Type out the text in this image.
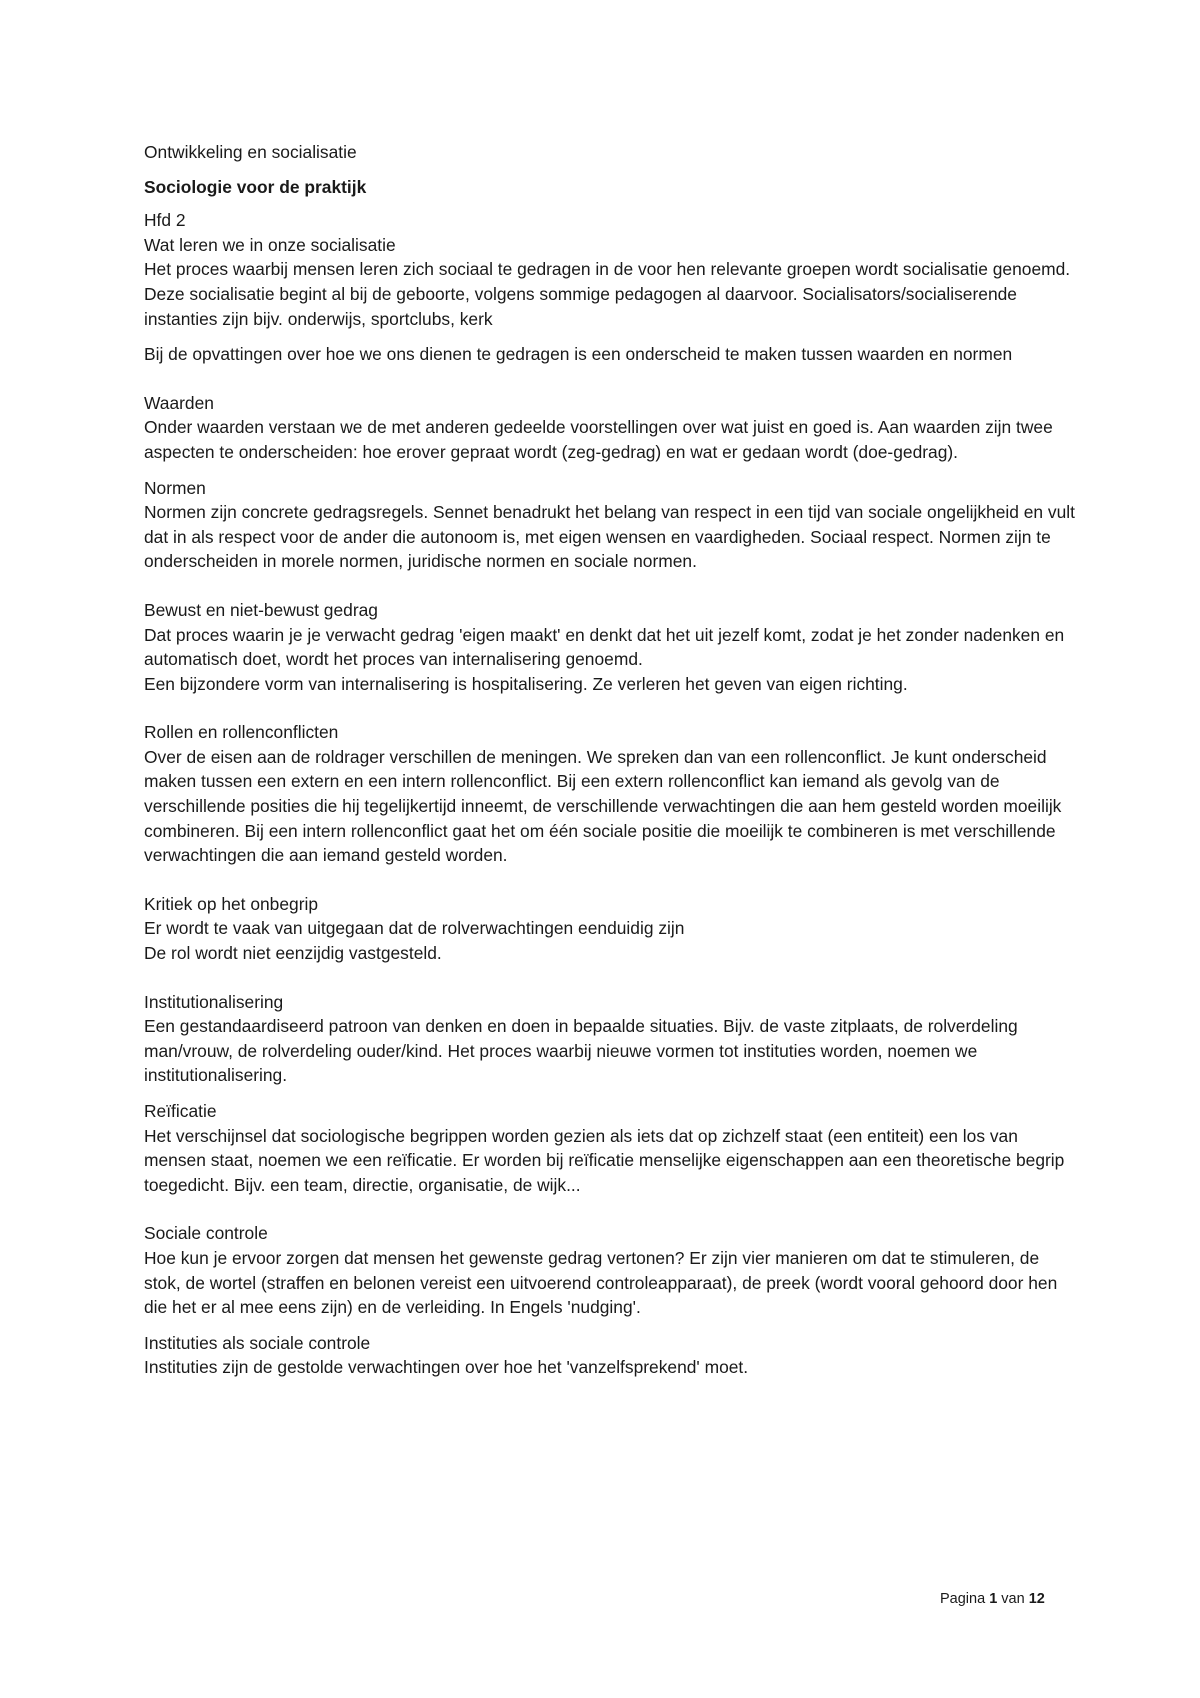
Ontwikkeling en socialisatie

Sociologie voor de praktijk

Hfd 2

Wat leren we in onze socialisatie

Het proces waarbij mensen leren zich sociaal te gedragen in de voor hen relevante groepen wordt socialisatie genoemd. Deze socialisatie begint al bij de geboorte, volgens sommige pedagogen al daarvoor. Socialisators/socialiserende instanties zijn bijv. onderwijs, sportclubs, kerk

Bij de opvattingen over hoe we ons dienen te gedragen is een onderscheid te maken tussen waarden en normen

Waarden

Onder waarden verstaan we de met anderen gedeelde voorstellingen over wat juist en goed is. Aan waarden zijn twee aspecten te onderscheiden: hoe erover gepraat wordt (zeg-gedrag) en wat er gedaan wordt (doe-gedrag).

Normen

Normen zijn concrete gedragsregels. Sennet benadrukt het belang van respect in een tijd van sociale ongelijkheid en vult dat in als respect voor de ander die autonoom is, met eigen wensen en vaardigheden. Sociaal respect. Normen zijn te onderscheiden in morele normen, juridische normen en sociale normen.

Bewust en niet-bewust gedrag

Dat proces waarin je je verwacht gedrag 'eigen maakt' en denkt dat het uit jezelf komt, zodat je het zonder nadenken en automatisch doet, wordt het proces van internalisering genoemd.

Een bijzondere vorm van internalisering is hospitalisering. Ze verleren het geven van eigen richting.

Rollen en rollenconflicten

Over de eisen aan de roldrager verschillen de meningen. We spreken dan van een rollenconflict. Je kunt onderscheid maken tussen een extern en een intern rollenconflict. Bij een extern rollenconflict kan iemand als gevolg van de verschillende posities die hij tegelijkertijd inneemt, de verschillende verwachtingen die aan hem gesteld worden moeilijk combineren. Bij een intern rollenconflict gaat het om één sociale positie die moeilijk te combineren is met verschillende verwachtingen die aan iemand gesteld worden.

Kritiek op het onbegrip

Er wordt te vaak van uitgegaan dat de rolverwachtingen eenduidig zijn

De rol wordt niet eenzijdig vastgesteld.

Institutionalisering

Een gestandaardiseerd patroon van denken en doen in bepaalde situaties. Bijv. de vaste zitplaats, de rolverdeling man/vrouw, de rolverdeling ouder/kind. Het proces waarbij nieuwe vormen tot instituties worden, noemen we institutionalisering.

Reïficatie

Het verschijnsel dat sociologische begrippen worden gezien als iets dat op zichzelf staat (een entiteit) een los van mensen staat, noemen we een reïficatie. Er worden bij reïficatie menselijke eigenschappen aan een theoretische begrip toegedicht. Bijv. een team, directie, organisatie, de wijk...

Sociale controle

Hoe kun je ervoor zorgen dat mensen het gewenste gedrag vertonen? Er zijn vier manieren om dat te stimuleren, de stok, de wortel (straffen en belonen vereist een uitvoerend controleapparaat), de preek (wordt vooral gehoord door hen die het er al mee eens zijn) en de verleiding. In Engels 'nudging'.

Instituties als sociale controle

Instituties zijn de gestolde verwachtingen over hoe het 'vanzelfsprekend' moet.

Pagina 1 van 12
